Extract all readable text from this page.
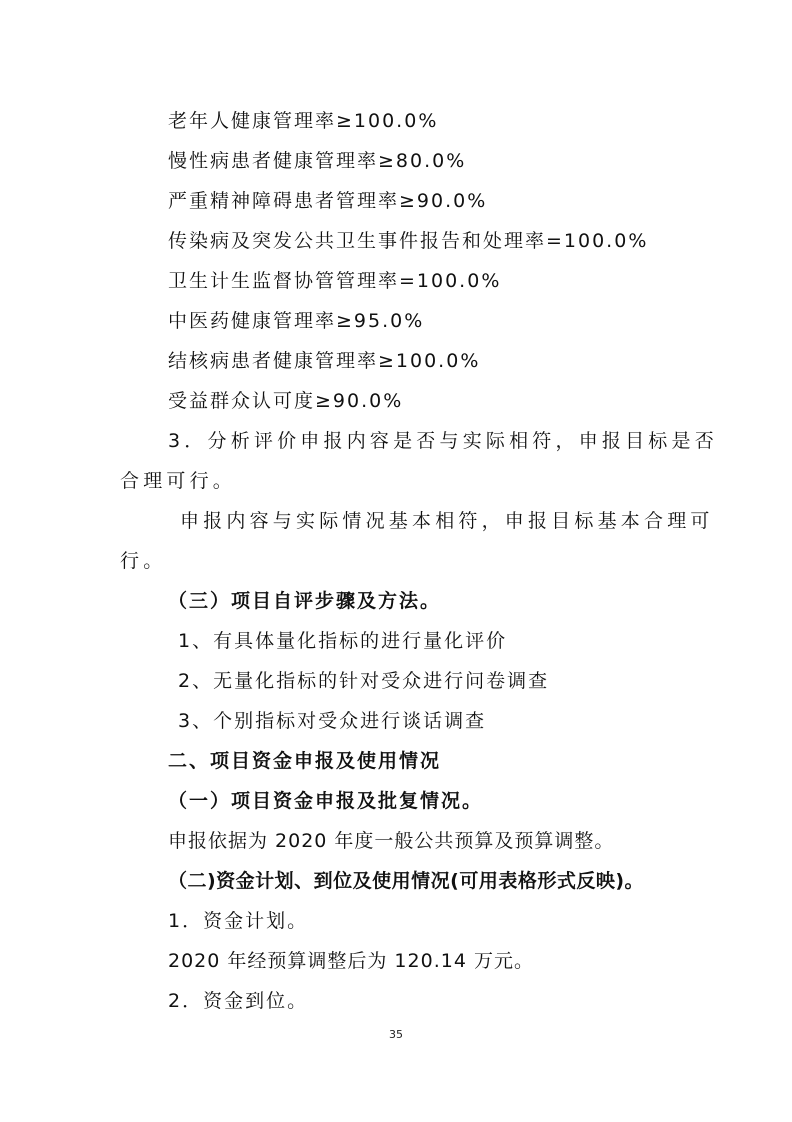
老年人健康管理率≥100.0%
慢性病患者健康管理率≥80.0%
严重精神障碍患者管理率≥90.0%
传染病及突发公共卫生事件报告和处理率=100.0%
卫生计生监督协管管理率=100.0%
中医药健康管理率≥95.0%
结核病患者健康管理率≥100.0%
受益群众认可度≥90.0%
3．分析评价申报内容是否与实际相符，申报目标是否
合理可行。
申报内容与实际情况基本相符，申报目标基本合理可
行。
（三）项目自评步骤及方法。
1、有具体量化指标的进行量化评价
2、无量化指标的针对受众进行问卷调查
3、个别指标对受众进行谈话调查
二、项目资金申报及使用情况
（一）项目资金申报及批复情况。
申报依据为 2020 年度一般公共预算及预算调整。
（二)资金计划、到位及使用情况(可用表格形式反映)。
1．资金计划。
2020 年经预算调整后为 120.14 万元。
2．资金到位。
35
